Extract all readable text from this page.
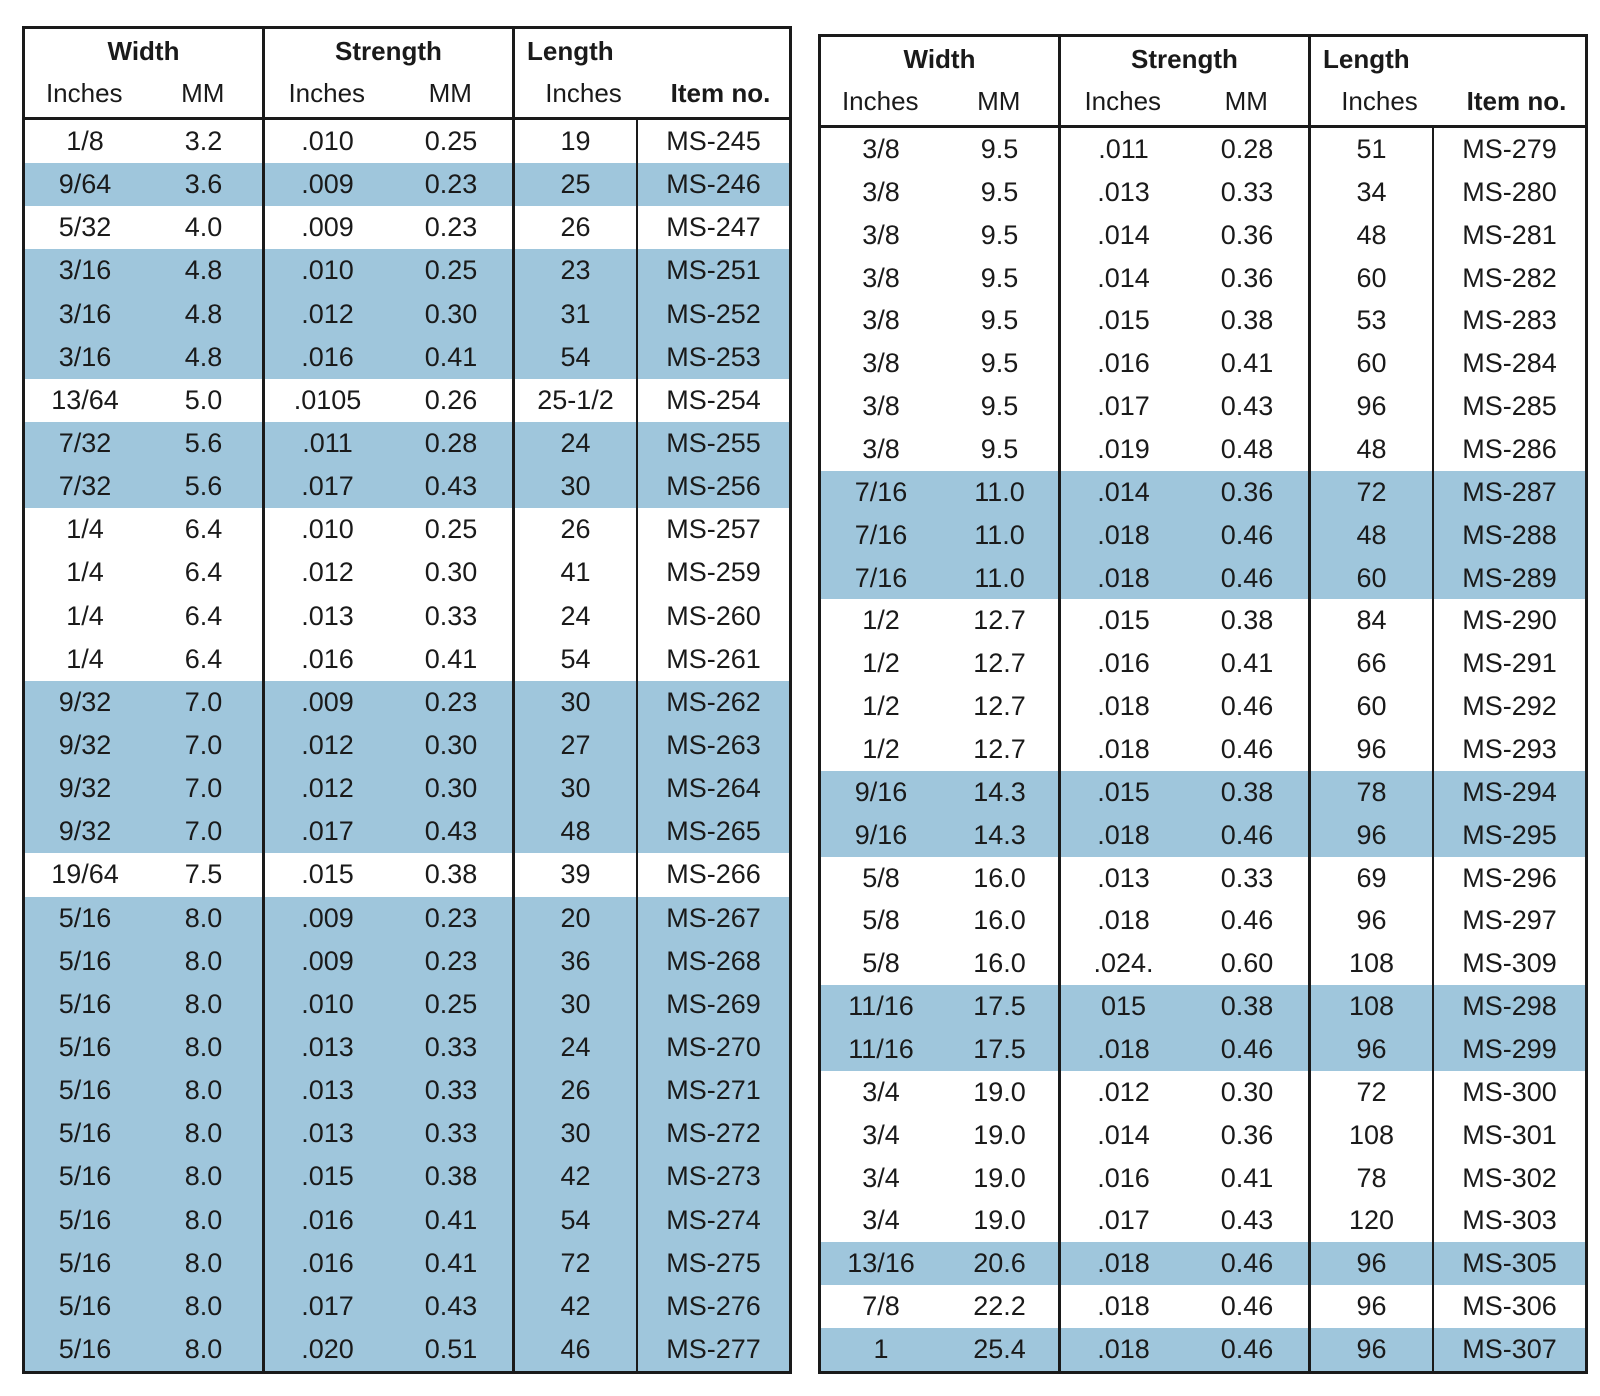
Width
Inches	MM
Strength
Inches	MM
Length
Inches	Item no.
1/8	3.2	.010	0.25	19	MS-245
9/64	3.6	.009	0.23	25	MS-246
5/32	4.0	.009	0.23	26	MS-247
3/16	4.8	.010	0.25	23	MS-251
3/16	4.8	.012	0.30	31	MS-252
3/16	4.8	.016	0.41	54	MS-253
13/64	5.0	.0105	0.26	25-1/2	MS-254
7/32	5.6	.011	0.28	24	MS-255
7/32	5.6	.017	0.43	30	MS-256
1/4	6.4	.010	0.25	26	MS-257
1/4	6.4	.012	0.30	41	MS-259
1/4	6.4	.013	0.33	24	MS-260
1/4	6.4	.016	0.41	54	MS-261
9/32	7.0	.009	0.23	30	MS-262
9/32	7.0	.012	0.30	27	MS-263
9/32	7.0	.012	0.30	30	MS-264
9/32	7.0	.017	0.43	48	MS-265
19/64	7.5	.015	0.38	39	MS-266
5/16	8.0	.009	0.23	20	MS-267
5/16	8.0	.009	0.23	36	MS-268
5/16	8.0	.010	0.25	30	MS-269
5/16	8.0	.013	0.33	24	MS-270
5/16	8.0	.013	0.33	26	MS-271
5/16	8.0	.013	0.33	30	MS-272
5/16	8.0	.015	0.38	42	MS-273
5/16	8.0	.016	0.41	54	MS-274
5/16	8.0	.016	0.41	72	MS-275
5/16	8.0	.017	0.43	42	MS-276
5/16	8.0	.020	0.51	46	MS-277
Width
Inches	MM
Strength
Inches	MM
Length
Inches	Item no.
3/8	9.5	.011	0.28	51	MS-279
3/8	9.5	.013	0.33	34	MS-280
3/8	9.5	.014	0.36	48	MS-281
3/8	9.5	.014	0.36	60	MS-282
3/8	9.5	.015	0.38	53	MS-283
3/8	9.5	.016	0.41	60	MS-284
3/8	9.5	.017	0.43	96	MS-285
3/8	9.5	.019	0.48	48	MS-286
7/16	11.0	.014	0.36	72	MS-287
7/16	11.0	.018	0.46	48	MS-288
7/16	11.0	.018	0.46	60	MS-289
1/2	12.7	.015	0.38	84	MS-290
1/2	12.7	.016	0.41	66	MS-291
1/2	12.7	.018	0.46	60	MS-292
1/2	12.7	.018	0.46	96	MS-293
9/16	14.3	.015	0.38	78	MS-294
9/16	14.3	.018	0.46	96	MS-295
5/8	16.0	.013	0.33	69	MS-296
5/8	16.0	.018	0.46	96	MS-297
5/8	16.0	.024.	0.60	108	MS-309
11/16	17.5	015	0.38	108	MS-298
11/16	17.5	.018	0.46	96	MS-299
3/4	19.0	.012	0.30	72	MS-300
3/4	19.0	.014	0.36	108	MS-301
3/4	19.0	.016	0.41	78	MS-302
3/4	19.0	.017	0.43	120	MS-303
13/16	20.6	.018	0.46	96	MS-305
7/8	22.2	.018	0.46	96	MS-306
1	25.4	.018	0.46	96	MS-307
